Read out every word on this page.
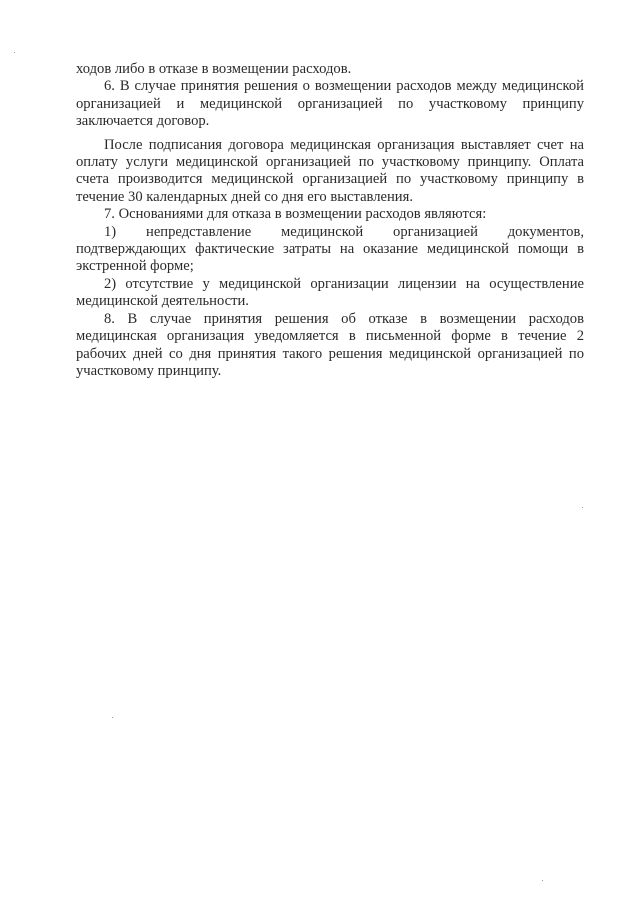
ходов либо в отказе в возмещении расходов.

6. В случае принятия решения о возмещении расходов между медицинской организацией и медицинской организацией по участковому принципу заключается договор.

После подписания договора медицинская организация выставляет счет на оплату услуги медицинской организацией по участковому принципу. Оплата счета производится медицинской организацией по участковому принципу в течение 30 календарных дней со дня его выставления.

7. Основаниями для отказа в возмещении расходов являются:

1) непредставление медицинской организацией документов, подтверждающих фактические затраты на оказание медицинской помощи в экстренной форме;

2) отсутствие у медицинской организации лицензии на осуществление медицинской деятельности.

8. В случае принятия решения об отказе в возмещении расходов медицинская организация уведомляется в письменной форме в течение 2 рабочих дней со дня принятия такого решения медицинской организацией по участковому принципу.
